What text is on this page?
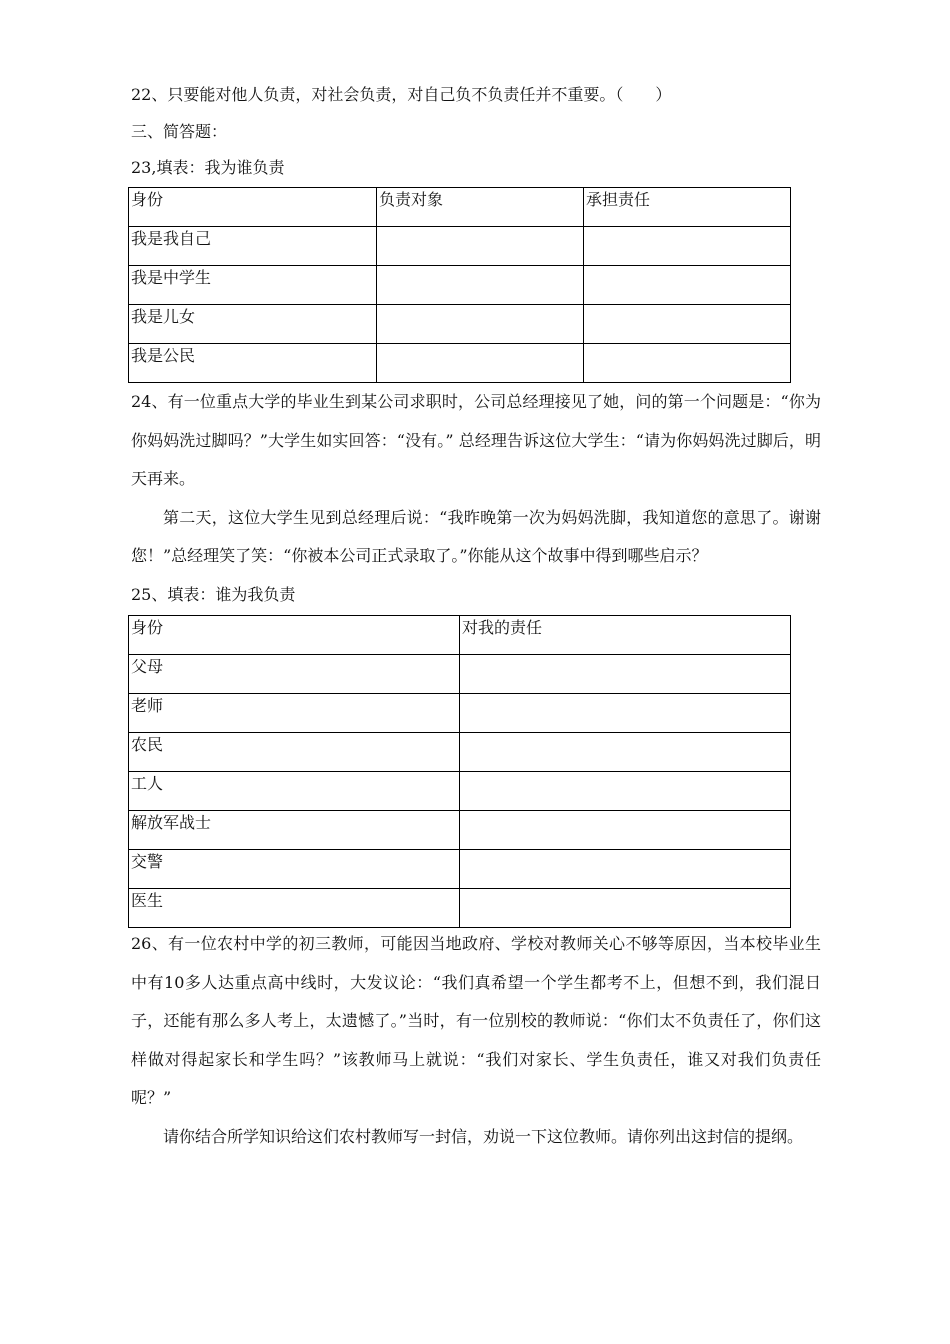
22、只要能对他人负责，对社会负责，对自己负不负责任并不重要。（　　）
三、简答题：
23,填表：我为谁负责
身份	负责对象	承担责任
我是我自己		
我是中学生		
我是儿女		
我是公民		

24、有一位重点大学的毕业生到某公司求职时，公司总经理接见了她，问的第一个问题是：“你为你妈妈洗过脚吗？”大学生如实回答：“没有。” 总经理告诉这位大学生：“请为你妈妈洗过脚后，明天再来。

第二天，这位大学生见到总经理后说：“我昨晚第一次为妈妈洗脚，我知道您的意思了。谢谢您！”总经理笑了笑：“你被本公司正式录取了。”你能从这个故事中得到哪些启示？

25、填表：谁为我负责
身份	对我的责任
父母	
老师	
农民	
工人	
解放军战士	
交警	
医生	

26、有一位农村中学的初三教师，可能因当地政府、学校对教师关心不够等原因，当本校毕业生中有10多人达重点高中线时，大发议论：“我们真希望一个学生都考不上，但想不到，我们混日子，还能有那么多人考上，太遗憾了。”当时，有一位别校的教师说：“你们太不负责任了，你们这样做对得起家长和学生吗？”该教师马上就说：“我们对家长、学生负责任，谁又对我们负责任呢？”

请你结合所学知识给这们农村教师写一封信，劝说一下这位教师。请你列出这封信的提纲。
